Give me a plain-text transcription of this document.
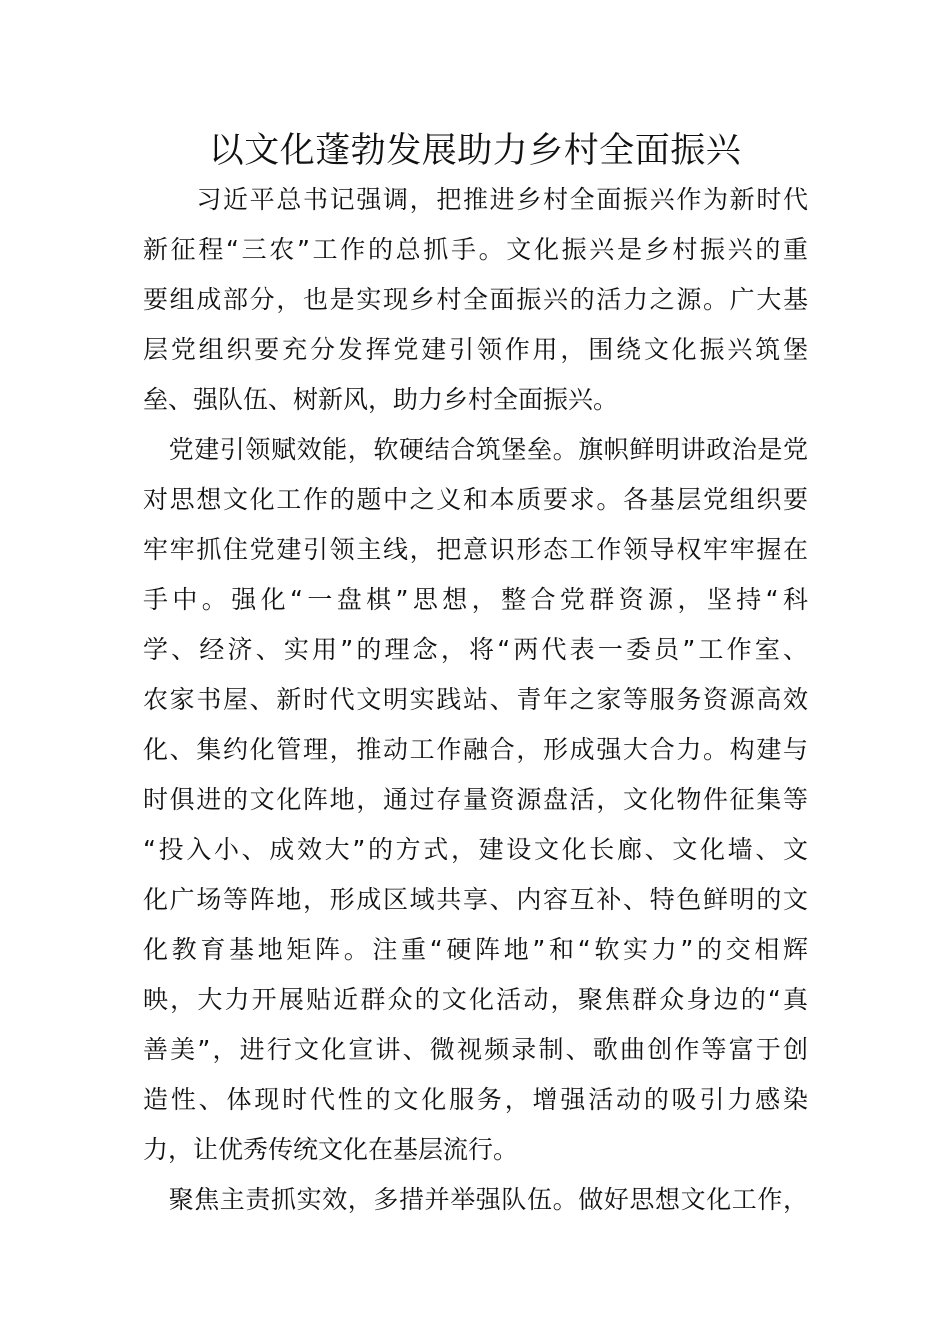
以文化蓬勃发展助力乡村全面振兴
　　习近平总书记强调，把推进乡村全面振兴作为新时代
新征程“三农”工作的总抓手。文化振兴是乡村振兴的重
要组成部分，也是实现乡村全面振兴的活力之源。广大基
层党组织要充分发挥党建引领作用，围绕文化振兴筑堡
垒、强队伍、树新风，助力乡村全面振兴。
　党建引领赋效能，软硬结合筑堡垒。旗帜鲜明讲政治是党
对思想文化工作的题中之义和本质要求。各基层党组织要
牢牢抓住党建引领主线，把意识形态工作领导权牢牢握在
手中。强化“一盘棋”思想，整合党群资源，坚持“科
学、经济、实用”的理念，将“两代表一委员”工作室、
农家书屋、新时代文明实践站、青年之家等服务资源高效
化、集约化管理，推动工作融合，形成强大合力。构建与
时俱进的文化阵地，通过存量资源盘活，文化物件征集等
“投入小、成效大”的方式，建设文化长廊、文化墙、文
化广场等阵地，形成区域共享、内容互补、特色鲜明的文
化教育基地矩阵。注重“硬阵地”和“软实力”的交相辉
映，大力开展贴近群众的文化活动，聚焦群众身边的“真
善美”，进行文化宣讲、微视频录制、歌曲创作等富于创
造性、体现时代性的文化服务，增强活动的吸引力感染
力，让优秀传统文化在基层流行。
　聚焦主责抓实效，多措并举强队伍。做好思想文化工作，
